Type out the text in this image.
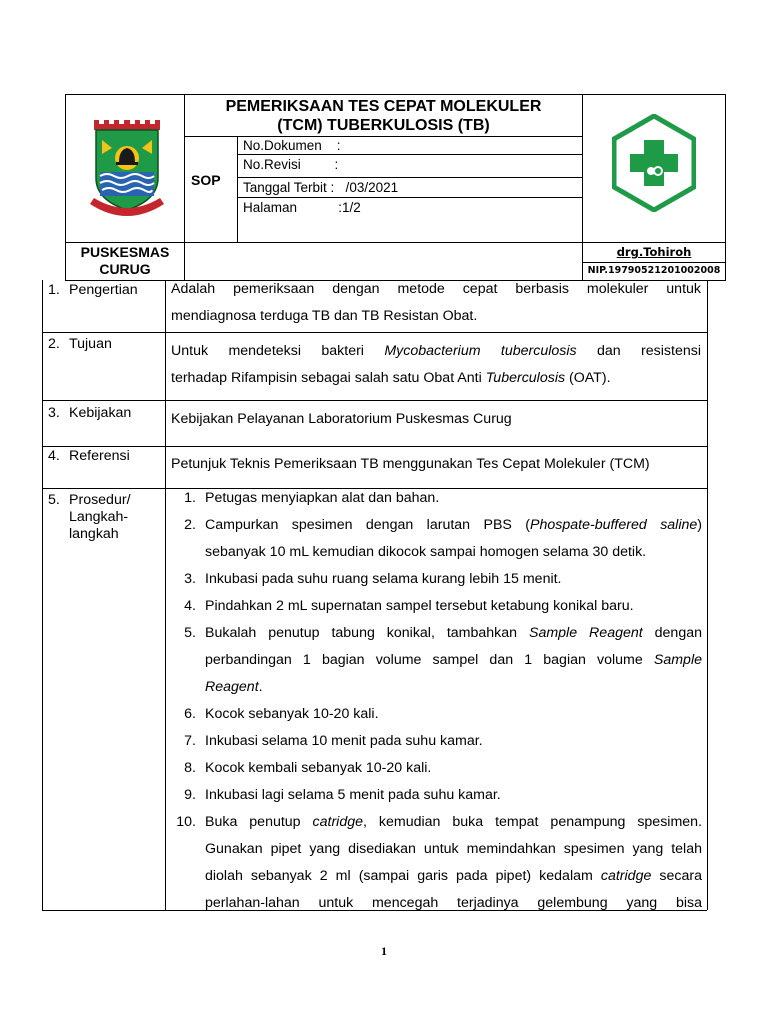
PEMERIKSAAN TES CEPAT MOLEKULER
(TCM) TUBERKULOSIS (TB)
SOP
No.Dokumen    :
No.Revisi         :
Tanggal Terbit :   /03/2021
Halaman           :1/2
PUSKESMAS
CURUG
drg.Tohiroh
NIP.197905212010020​08
1. Pengertian Adalah pemeriksaan dengan metode cepat berbasis molekuler untuk
mendiagnosa terduga TB dan TB Resistan Obat.
2. Tujuan	Untuk mendeteksi bakteri Mycobacterium tuberculosis dan resistensi
terhadap Rifampisin sebagai salah satu Obat Anti Tuberculosis (OAT).
3. Kebijakan	Kebijakan Pelayanan Laboratorium Puskesmas Curug
4. Referensi	Petunjuk Teknis Pemeriksaan TB menggunakan Tes Cepat Molekuler (TCM)
5. Prosedur/
Langkah-
langkah
1. Petugas menyiapkan alat dan bahan.
2. Campurkan spesimen dengan larutan PBS (Phospate-buffered saline)
sebanyak 10 mL kemudian dikocok sampai homogen selama 30 detik.
3. Inkubasi pada suhu ruang selama kurang lebih 15 menit.
4. Pindahkan 2 mL supernatan sampel tersebut ketabung konikal baru.
5. Bukalah penutup tabung konikal, tambahkan Sample Reagent dengan
perbandingan 1 bagian volume sampel dan 1 bagian volume Sample
Reagent.
6. Kocok sebanyak 10-20 kali.
7. Inkubasi selama 10 menit pada suhu kamar.
8. Kocok kembali sebanyak 10-20 kali.
9. Inkubasi lagi selama 5 menit pada suhu kamar.
10. Buka penutup catridge, kemudian buka tempat penampung spesimen.
Gunakan pipet yang disediakan untuk memindahkan spesimen yang telah
diolah sebanyak 2 ml (sampai garis pada pipet) kedalam catridge secara
perlahan-lahan untuk mencegah terjadinya gelembung yang bisa
1
